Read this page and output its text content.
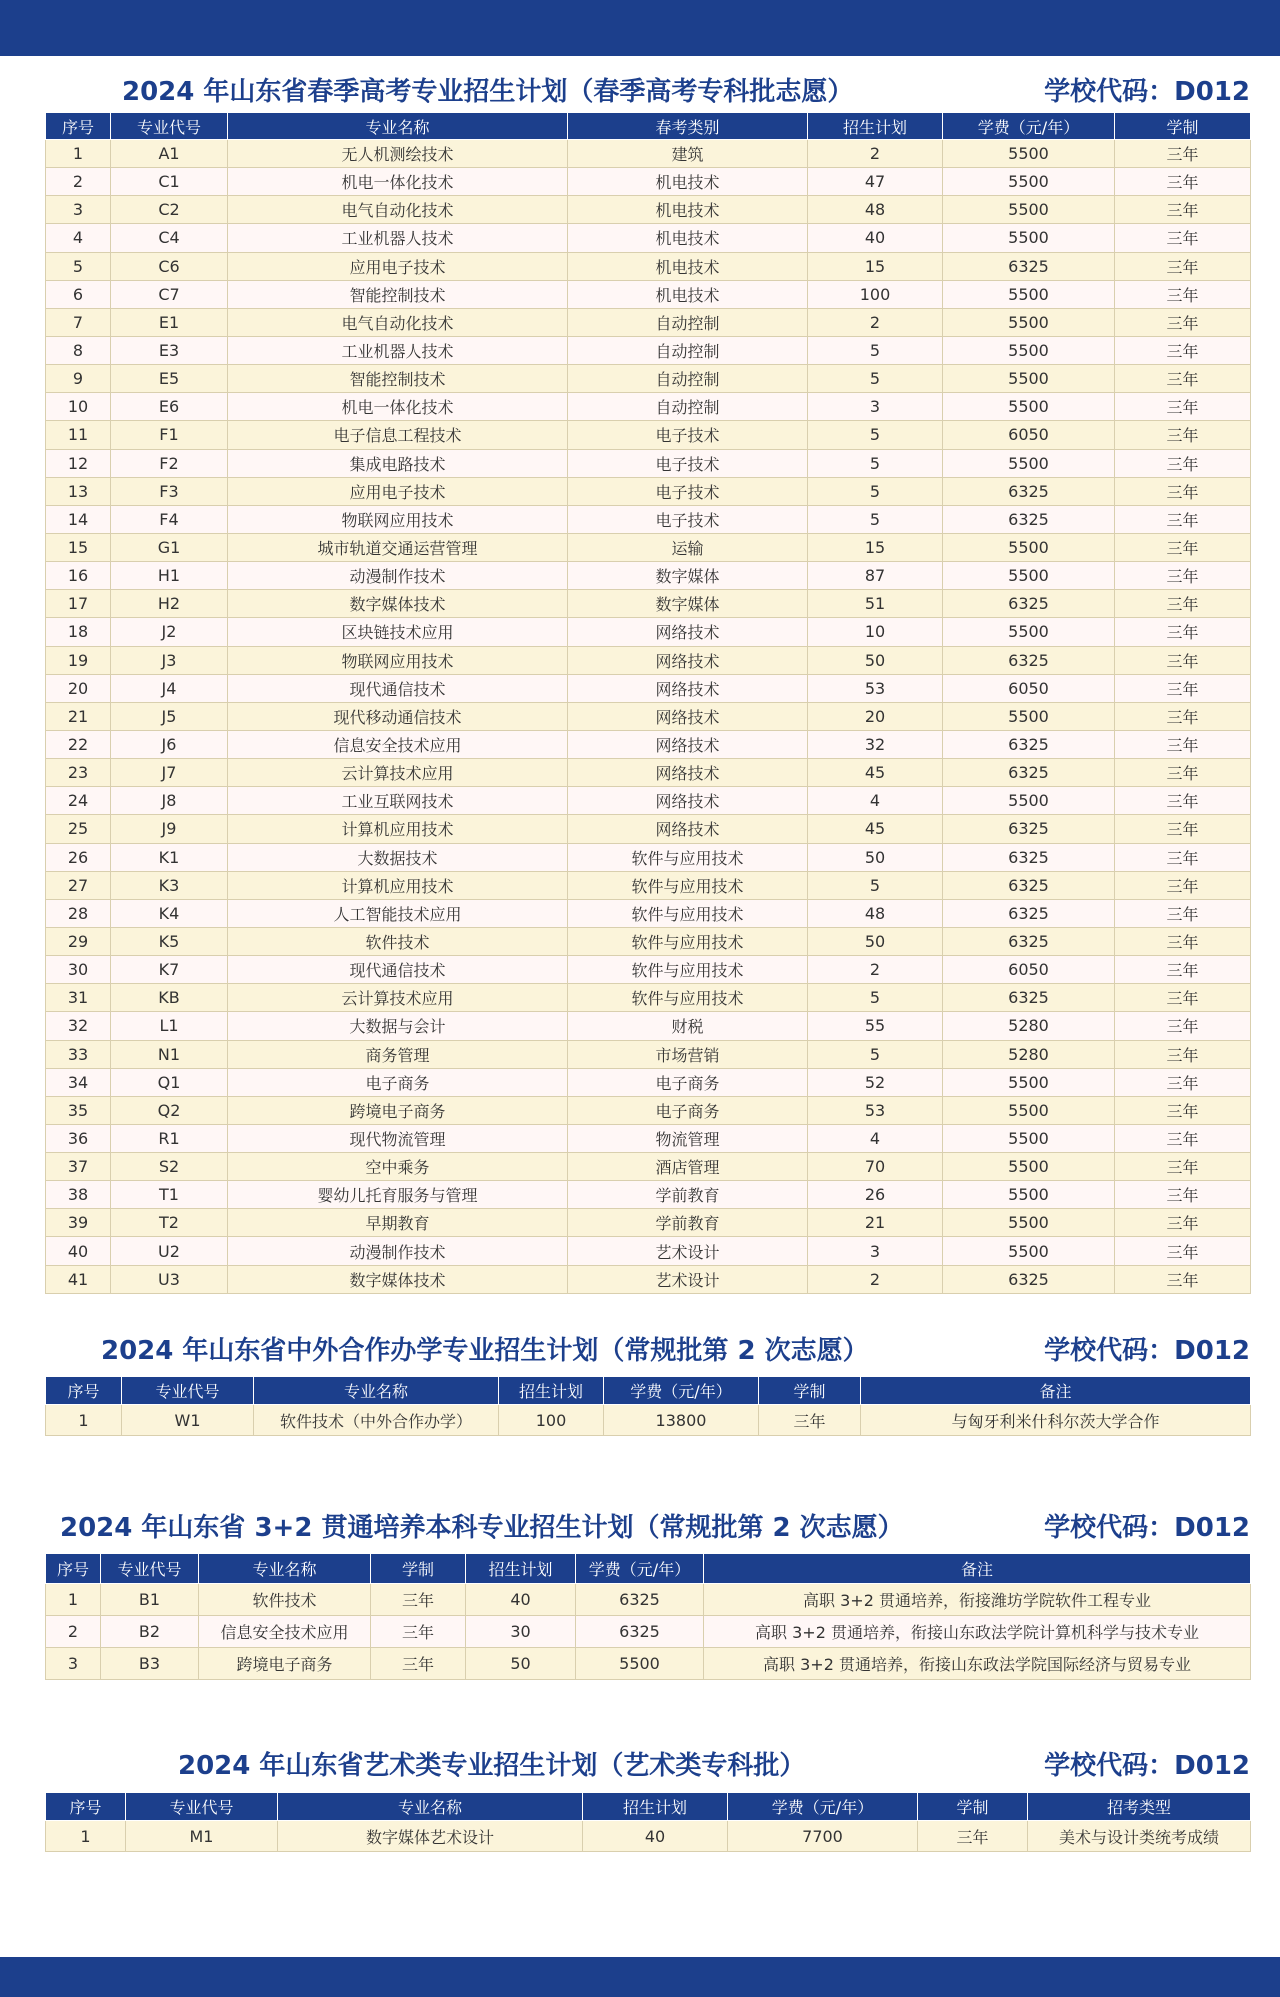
2024 年山东省春季高考专业招生计划（春季高考专科批志愿）	学校代码：D012
序号	专业代号	专业名称	春考类别	招生计划	学费（元/年）	学制
1	A1	无人机测绘技术	建筑	2	5500	三年
2	C1	机电一体化技术	机电技术	47	5500	三年
3	C2	电气自动化技术	机电技术	48	5500	三年
4	C4	工业机器人技术	机电技术	40	5500	三年
5	C6	应用电子技术	机电技术	15	6325	三年
6	C7	智能控制技术	机电技术	100	5500	三年
7	E1	电气自动化技术	自动控制	2	5500	三年
8	E3	工业机器人技术	自动控制	5	5500	三年
9	E5	智能控制技术	自动控制	5	5500	三年
10	E6	机电一体化技术	自动控制	3	5500	三年
11	F1	电子信息工程技术	电子技术	5	6050	三年
12	F2	集成电路技术	电子技术	5	5500	三年
13	F3	应用电子技术	电子技术	5	6325	三年
14	F4	物联网应用技术	电子技术	5	6325	三年
15	G1	城市轨道交通运营管理	运输	15	5500	三年
16	H1	动漫制作技术	数字媒体	87	5500	三年
17	H2	数字媒体技术	数字媒体	51	6325	三年
18	J2	区块链技术应用	网络技术	10	5500	三年
19	J3	物联网应用技术	网络技术	50	6325	三年
20	J4	现代通信技术	网络技术	53	6050	三年
21	J5	现代移动通信技术	网络技术	20	5500	三年
22	J6	信息安全技术应用	网络技术	32	6325	三年
23	J7	云计算技术应用	网络技术	45	6325	三年
24	J8	工业互联网技术	网络技术	4	5500	三年
25	J9	计算机应用技术	网络技术	45	6325	三年
26	K1	大数据技术	软件与应用技术	50	6325	三年
27	K3	计算机应用技术	软件与应用技术	5	6325	三年
28	K4	人工智能技术应用	软件与应用技术	48	6325	三年
29	K5	软件技术	软件与应用技术	50	6325	三年
30	K7	现代通信技术	软件与应用技术	2	6050	三年
31	KB	云计算技术应用	软件与应用技术	5	6325	三年
32	L1	大数据与会计	财税	55	5280	三年
33	N1	商务管理	市场营销	5	5280	三年
34	Q1	电子商务	电子商务	52	5500	三年
35	Q2	跨境电子商务	电子商务	53	5500	三年
36	R1	现代物流管理	物流管理	4	5500	三年
37	S2	空中乘务	酒店管理	70	5500	三年
38	T1	婴幼儿托育服务与管理	学前教育	26	5500	三年
39	T2	早期教育	学前教育	21	5500	三年
40	U2	动漫制作技术	艺术设计	3	5500	三年
41	U3	数字媒体技术	艺术设计	2	6325	三年
2024 年山东省中外合作办学专业招生计划（常规批第 2 次志愿）	学校代码：D012
序号	专业代号	专业名称	招生计划	学费（元/年）	学制	备注
1	W1	软件技术（中外合作办学）	100	13800	三年	与匈牙利米什科尔茨大学合作
2024 年山东省 3+2 贯通培养本科专业招生计划（常规批第 2 次志愿）	学校代码：D012
序号	专业代号	专业名称	学制	招生计划	学费（元/年）	备注
1	B1	软件技术	三年	40	6325	高职 3+2 贯通培养，衔接潍坊学院软件工程专业
2	B2	信息安全技术应用	三年	30	6325	高职 3+2 贯通培养，衔接山东政法学院计算机科学与技术专业
3	B3	跨境电子商务	三年	50	5500	高职 3+2 贯通培养，衔接山东政法学院国际经济与贸易专业
2024 年山东省艺术类专业招生计划（艺术类专科批）	学校代码：D012
序号	专业代号	专业名称	招生计划	学费（元/年）	学制	招考类型
1	M1	数字媒体艺术设计	40	7700	三年	美术与设计类统考成绩
